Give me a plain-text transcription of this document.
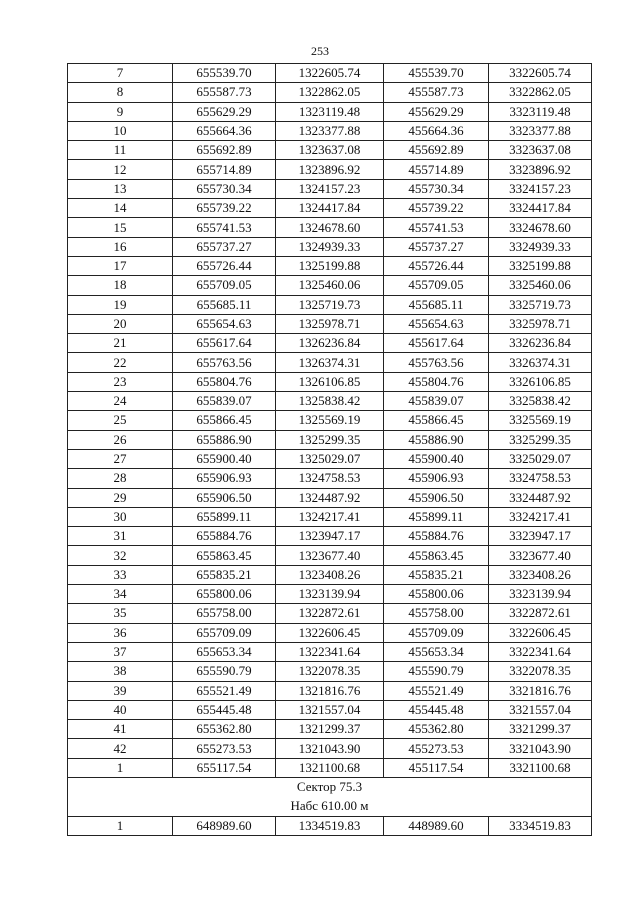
253
7	655539.70	1322605.74	455539.70	3322605.74
8	655587.73	1322862.05	455587.73	3322862.05
9	655629.29	1323119.48	455629.29	3323119.48
10	655664.36	1323377.88	455664.36	3323377.88
11	655692.89	1323637.08	455692.89	3323637.08
12	655714.89	1323896.92	455714.89	3323896.92
13	655730.34	1324157.23	455730.34	3324157.23
14	655739.22	1324417.84	455739.22	3324417.84
15	655741.53	1324678.60	455741.53	3324678.60
16	655737.27	1324939.33	455737.27	3324939.33
17	655726.44	1325199.88	455726.44	3325199.88
18	655709.05	1325460.06	455709.05	3325460.06
19	655685.11	1325719.73	455685.11	3325719.73
20	655654.63	1325978.71	455654.63	3325978.71
21	655617.64	1326236.84	455617.64	3326236.84
22	655763.56	1326374.31	455763.56	3326374.31
23	655804.76	1326106.85	455804.76	3326106.85
24	655839.07	1325838.42	455839.07	3325838.42
25	655866.45	1325569.19	455866.45	3325569.19
26	655886.90	1325299.35	455886.90	3325299.35
27	655900.40	1325029.07	455900.40	3325029.07
28	655906.93	1324758.53	455906.93	3324758.53
29	655906.50	1324487.92	455906.50	3324487.92
30	655899.11	1324217.41	455899.11	3324217.41
31	655884.76	1323947.17	455884.76	3323947.17
32	655863.45	1323677.40	455863.45	3323677.40
33	655835.21	1323408.26	455835.21	3323408.26
34	655800.06	1323139.94	455800.06	3323139.94
35	655758.00	1322872.61	455758.00	3322872.61
36	655709.09	1322606.45	455709.09	3322606.45
37	655653.34	1322341.64	455653.34	3322341.64
38	655590.79	1322078.35	455590.79	3322078.35
39	655521.49	1321816.76	455521.49	3321816.76
40	655445.48	1321557.04	455445.48	3321557.04
41	655362.80	1321299.37	455362.80	3321299.37
42	655273.53	1321043.90	455273.53	3321043.90
1	655117.54	1321100.68	455117.54	3321100.68
Сектор 75.3				
Набс 610.00 м				
1	648989.60	1334519.83	448989.60	3334519.83
